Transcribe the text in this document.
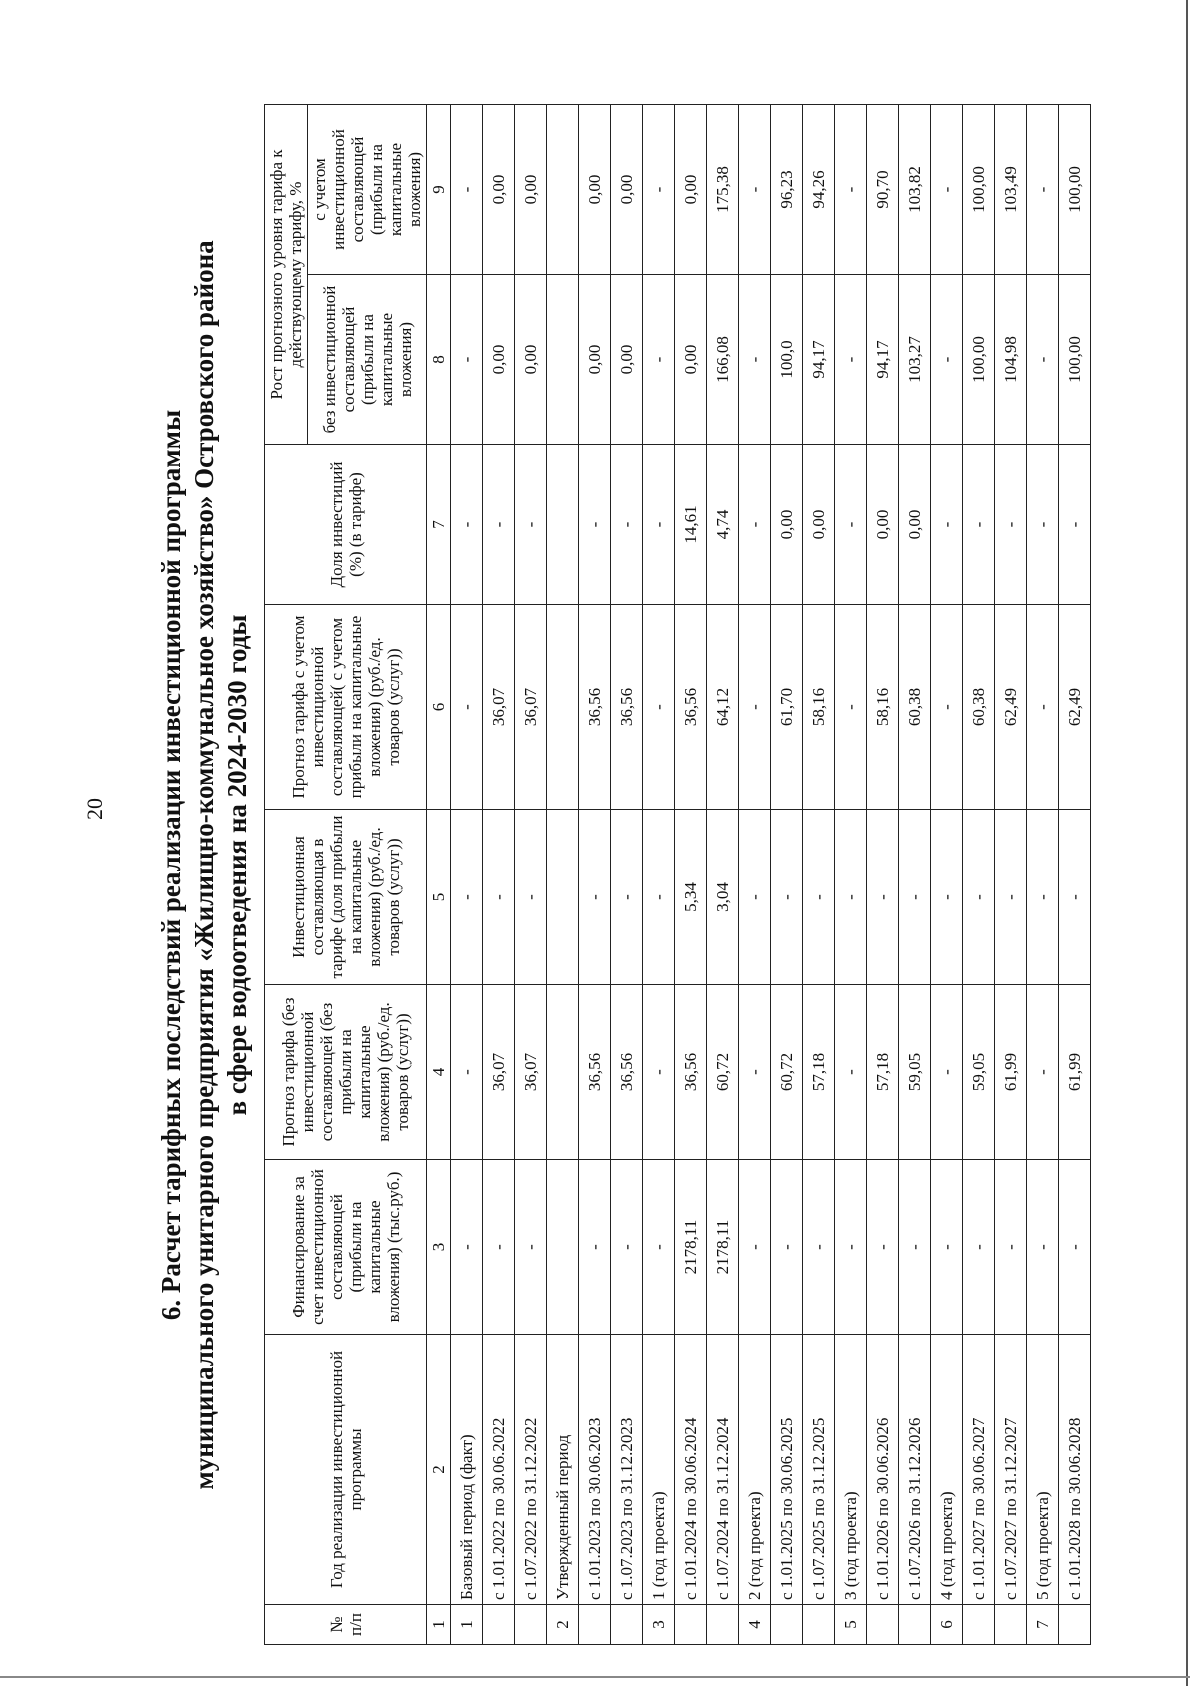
20 6. Расчет тарифных последствий реализации инвестиционной программы муниципального унитарного предприятия «Жилищно-коммунальное хозяйство» Островского района в сфере водоотведения на 2024-2030 годы
№ п/п	Год реализации инвестиционной программы	Финансирование за счет инвестиционной составляющей (прибыли на капитальные вложения) (тыс.руб.)	Прогноз тарифа (без инвестиционной составляющей (без прибыли на капитальные вложения) (руб./ед. товаров (услуг))	Инвестиционная составляющая в тарифе (доля прибыли на капитальные вложения) (руб./ед. товаров (услуг))	Прогноз тарифа с учетом инвестиционной составляющей( с учетом прибыли на капитальные вложения) (руб./ед. товаров (услуг))	Доля инвестиций (%) (в тарифе)	Рост прогнозного уровня тарифа к действующему тарифу, %	
							без инвестиционной составляющей (прибыли на капитальные вложения)	с учетом инвестиционной составляющей (прибыли на капитальные вложения)
1	2	3	4	5	6	7	8	9
1	Базовый период (факт)	-	-	-	-	-	-	-
	с 1.01.2022 по 30.06.2022	-	36,07	-	36,07	-	0,00	0,00
	с 1.07.2022 по 31.12.2022	-	36,07	-	36,07	-	0,00	0,00
2	Утвержденный период							
	с 1.01.2023 по 30.06.2023	-	36,56	-	36,56	-	0,00	0,00
	с 1.07.2023 по 31.12.2023	-	36,56	-	36,56	-	0,00	0,00
3	1 (год проекта)	-	-	-	-	-	-	-
	с 1.01.2024 по 30.06.2024	2178,11	36,56	5,34	36,56	14,61	0,00	0,00
	с 1.07.2024 по 31.12.2024	2178,11	60,72	3,04	64,12	4,74	166,08	175,38
4	2 (год проекта)	-	-	-	-	-	-	-
	с 1.01.2025 по 30.06.2025	-	60,72	-	61,70	0,00	100,0	96,23
	с 1.07.2025 по 31.12.2025	-	57,18	-	58,16	0,00	94,17	94,26
5	3 (год проекта)	-	-	-	-	-	-	-
	с 1.01.2026 по 30.06.2026	-	57,18	-	58,16	0,00	94,17	90,70
	с 1.07.2026 по 31.12.2026	-	59,05	-	60,38	0,00	103,27	103,82
6	4 (год проекта)	-	-	-	-	-	-	-
	с 1.01.2027 по 30.06.2027	-	59,05	-	60,38	-	100,00	100,00
	с 1.07.2027 по 31.12.2027	-	61,99	-	62,49	-	104,98	103,49
7	5 (год проекта)	-	-	-	-	-	-	-
	с 1.01.2028 по 30.06.2028	-	61,99	-	62,49	-	100,00	100,00
